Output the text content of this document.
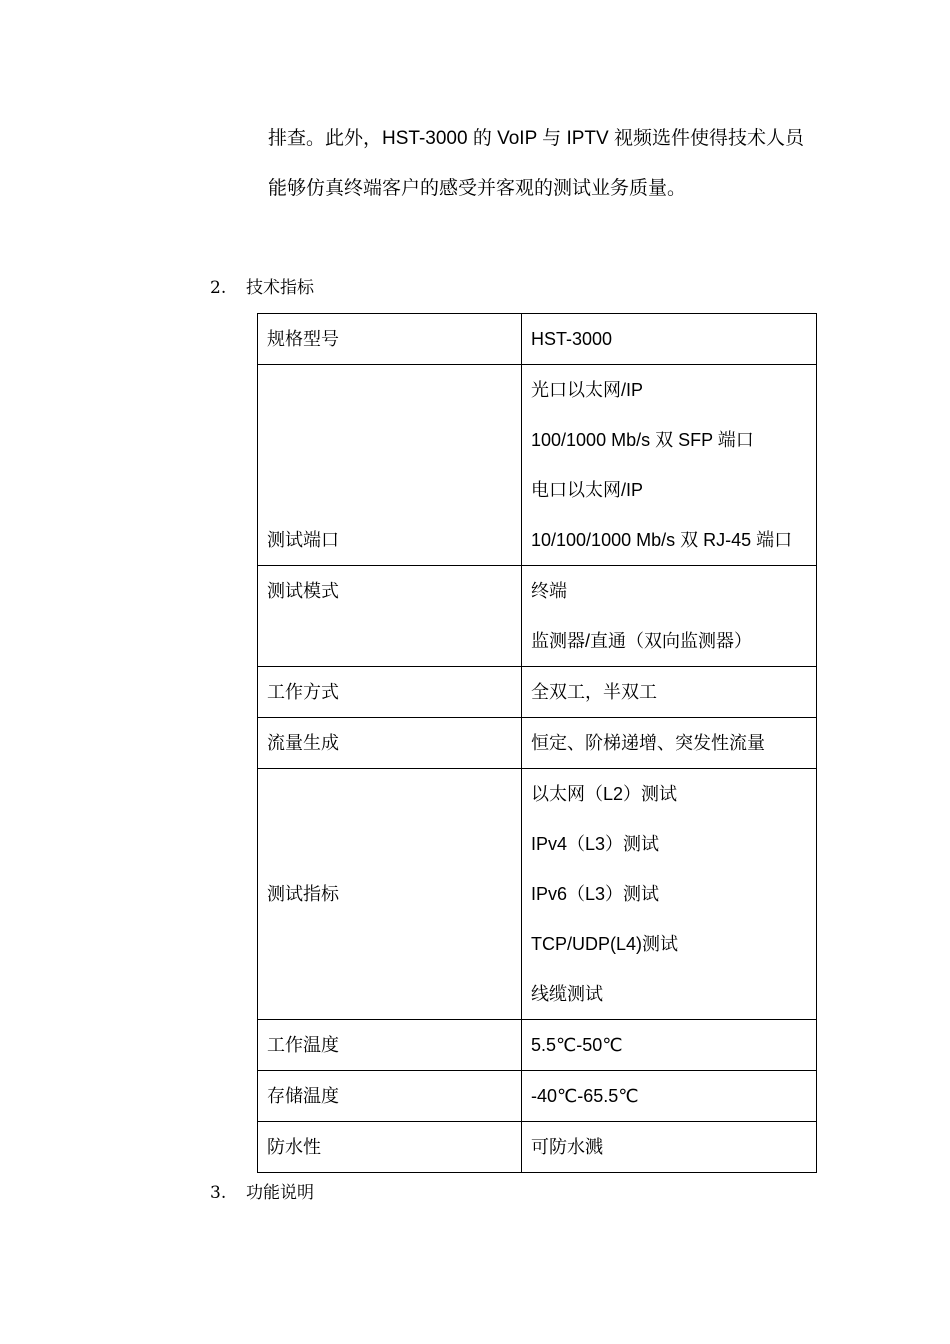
排查。此外，HST-3000 的 VoIP 与 IPTV 视频选件使得技术人员
能够仿真终端客户的感受并客观的测试业务质量。
2. 技术指标
规格型号	HST-3000

测试端口	光口以太网/IP
100/1000 Mb/s 双 SFP 端口
电口以太网/IP
10/100/1000 Mb/s 双 RJ-45 端口

测试模式	终端
监测器/直通（双向监测器）

工作方式	全双工，半双工

流量生成	恒定、阶梯递增、突发性流量

测试指标	以太网（L2）测试
IPv4（L3）测试
IPv6（L3）测试
TCP/UDP(L4)测试
线缆测试

工作温度	5.5℃-50℃

存储温度	-40℃-65.5℃

防水性	可防水溅
3. 功能说明
